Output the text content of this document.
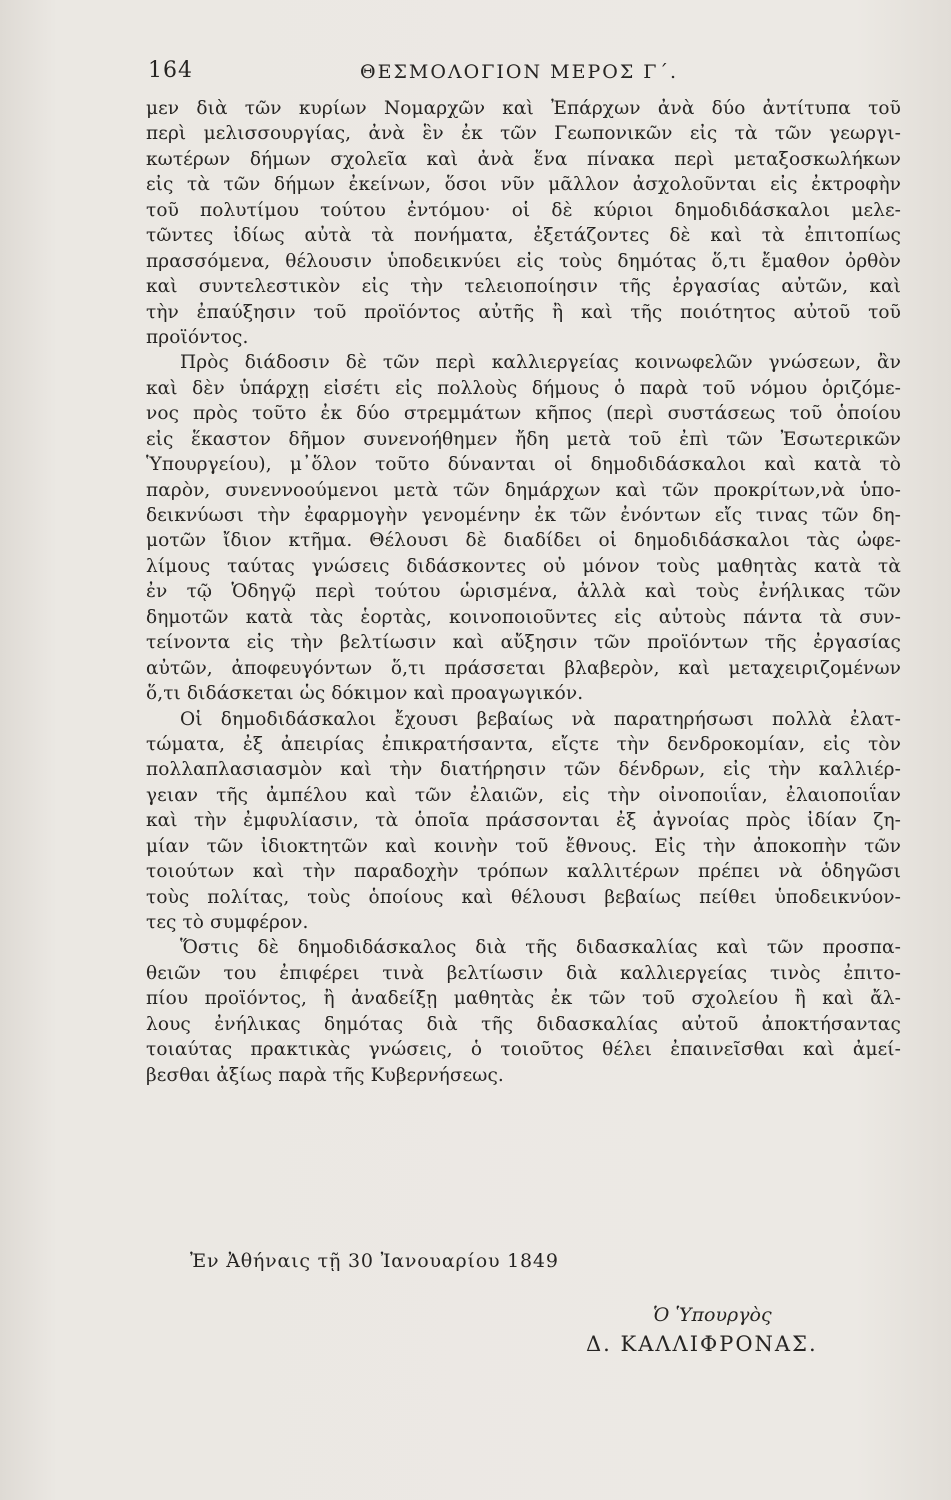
164	ΘΕΣΜΟΛΟΓΙΟΝ ΜΕΡΟΣ Γ΄.
μεν διὰ τῶν κυρίων Νομαρχῶν καὶ Ἐπάρχων ἀνὰ δύο ἀντίτυπα τοῦ
περὶ μελισσουργίας, ἀνὰ ἓν ἐκ τῶν Γεωπονικῶν εἰς τὰ τῶν γεωργι-
κωτέρων δήμων σχολεῖα καὶ ἀνὰ ἕνα πίνακα περὶ μεταξοσκωλήκων
εἰς τὰ τῶν δήμων ἐκείνων, ὅσοι νῦν μᾶλλον ἀσχολοῦνται εἰς ἐκτροφὴν
τοῦ πολυτίμου τούτου ἐντόμου· οἱ δὲ κύριοι δημοδιδάσκαλοι μελε-
τῶντες ἰδίως αὐτὰ τὰ πονήματα, ἐξετάζοντες δὲ καὶ τὰ ἐπιτοπίως
πρασσόμενα, θέλουσιν ὑποδεικνύει εἰς τοὺς δημότας ὅ,τι ἔμαθον ὀρθὸν
καὶ συντελεστικὸν εἰς τὴν τελειοποίησιν τῆς ἐργασίας αὐτῶν, καὶ
τὴν ἐπαύξησιν τοῦ προϊόντος αὐτῆς ἢ καὶ τῆς ποιότητος αὐτοῦ τοῦ
προϊόντος.
Πρὸς διάδοσιν δὲ τῶν περὶ καλλιεργείας κοινωφελῶν γνώσεων, ἂν
καὶ δὲν ὑπάρχῃ εἰσέτι εἰς πολλοὺς δήμους ὁ παρὰ τοῦ νόμου ὁριζόμε-
νος πρὸς τοῦτο ἐκ δύο στρεμμάτων κῆπος (περὶ συστάσεως τοῦ ὁποίου
εἰς ἕκαστον δῆμον συνενοήθημεν ἤδη μετὰ τοῦ ἐπὶ τῶν Ἐσωτερικῶν
Ὑπουργείου), μ᾽ὅλον τοῦτο δύνανται οἱ δημοδιδάσκαλοι καὶ κατὰ τὸ
παρὸν, συνεννοούμενοι μετὰ τῶν δημάρχων καὶ τῶν προκρίτων,νὰ ὑπο-
δεικνύωσι τὴν ἐφαρμογὴν γενομένην ἐκ τῶν ἐνόντων εἴς τινας τῶν δη-
μοτῶν ἴδιον κτῆμα. Θέλουσι δὲ διαδίδει οἱ δημοδιδάσκαλοι τὰς ὠφε-
λίμους ταύτας γνώσεις διδάσκοντες οὐ μόνον τοὺς μαθητὰς κατὰ τὰ
ἐν τῷ Ὁδηγῷ περὶ τούτου ὡρισμένα, ἀλλὰ καὶ τοὺς ἐνήλικας τῶν
δημοτῶν κατὰ τὰς ἑορτὰς, κοινοποιοῦντες εἰς αὐτοὺς πάντα τὰ συν-
τείνοντα εἰς τὴν βελτίωσιν καὶ αὔξησιν τῶν προϊόντων τῆς ἐργασίας
αὐτῶν, ἀποφευγόντων ὅ,τι πράσσεται βλαβερὸν, καὶ μεταχειριζομένων
ὅ,τι διδάσκεται ὡς δόκιμον καὶ προαγωγικόν.
Οἱ δημοδιδάσκαλοι ἔχουσι βεβαίως νὰ παρατηρήσωσι πολλὰ ἐλατ-
τώματα, ἐξ ἀπειρίας ἐπικρατήσαντα, εἴςτε τὴν δενδροκομίαν, εἰς τὸν
πολλαπλασιασμὸν καὶ τὴν διατήρησιν τῶν δένδρων, εἰς τὴν καλλιέρ-
γειαν τῆς ἀμπέλου καὶ τῶν ἐλαιῶν, εἰς τὴν οἰνοποιΐαν, ἐλαιοποιΐαν
καὶ τὴν ἐμφυλίασιν, τὰ ὁποῖα πράσσονται ἐξ ἀγνοίας πρὸς ἰδίαν ζη-
μίαν τῶν ἰδιοκτητῶν καὶ κοινὴν τοῦ ἔθνους. Εἰς τὴν ἀποκοπὴν τῶν
τοιούτων καὶ τὴν παραδοχὴν τρόπων καλλιτέρων πρέπει νὰ ὁδηγῶσι
τοὺς πολίτας, τοὺς ὁποίους καὶ θέλουσι βεβαίως πείθει ὑποδεικνύον-
τες τὸ συμφέρον.
Ὅστις δὲ δημοδιδάσκαλος διὰ τῆς διδασκαλίας καὶ τῶν προσπα-
θειῶν του ἐπιφέρει τινὰ βελτίωσιν διὰ καλλιεργείας τινὸς ἐπιτο-
πίου προϊόντος, ἢ ἀναδείξῃ μαθητὰς ἐκ τῶν τοῦ σχολείου ἢ καὶ ἄλ-
λους ἐνήλικας δημότας διὰ τῆς διδασκαλίας αὐτοῦ ἀποκτήσαντας
τοιαύτας πρακτικὰς γνώσεις, ὁ τοιοῦτος θέλει ἐπαινεῖσθαι καὶ ἀμεί-
βεσθαι ἀξίως παρὰ τῆς Κυβερνήσεως.
Ἐν Ἀθήναις τῇ 30 Ἰανουαρίου 1849
Ὁ Ὑπουργὸς
Δ. ΚΑΛΛΙΦΡΟΝΑΣ.
